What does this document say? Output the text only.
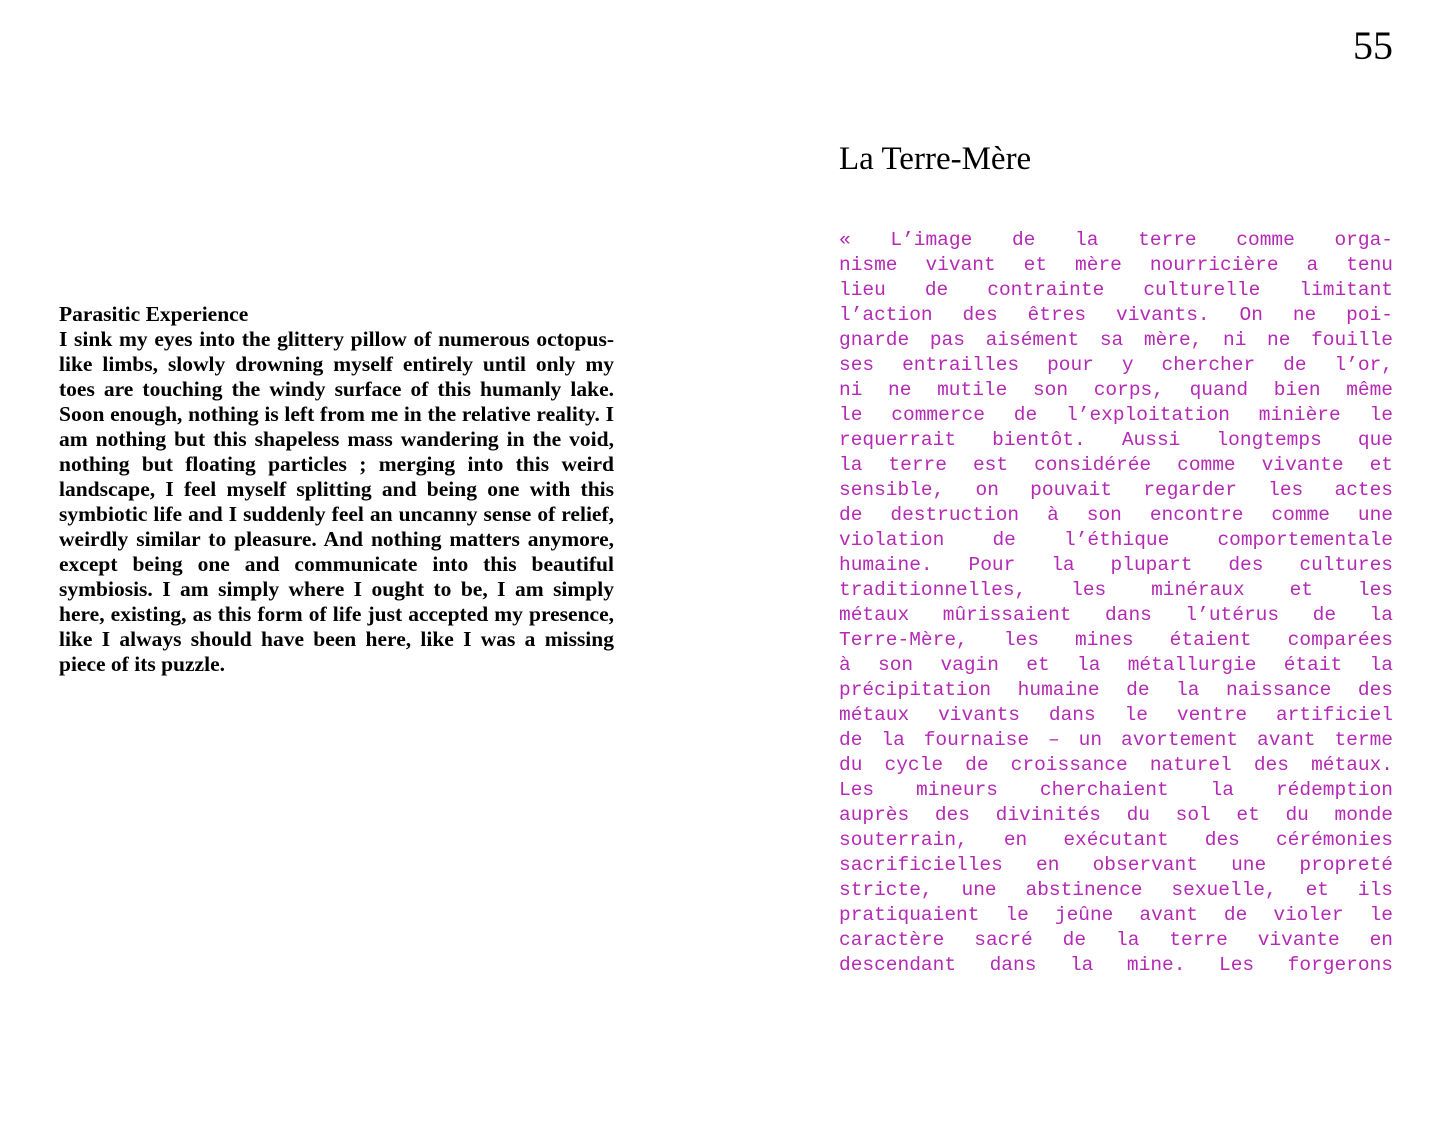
55
Parasitic Experience
I sink my eyes into the glittery pillow of numerous octopus-like limbs, slowly drowning myself entirely until only my toes are touching the windy surface of this humanly lake. Soon enough, nothing is left from me in the relative reality. I am nothing but this shapeless mass wandering in the void, nothing but floating particles ; merging into this weird landscape, I feel myself splitting and being one with this symbiotic life and I suddenly feel an uncanny sense of relief, weirdly similar to pleasure. And nothing matters anymore, except being one and communicate into this beautiful symbiosis. I am simply where I ought to be, I am simply here, existing, as this form of life just accepted my presence, like I always should have been here, like I was a missing piece of its puzzle.
La Terre-Mère
« L’image de la terre comme orga-
nisme vivant et mère nourricière a tenu
lieu de contrainte culturelle limitant
l’action des êtres vivants. On ne poi-
gnarde pas aisément sa mère, ni ne fouille
ses entrailles pour y chercher de l’or,
ni ne mutile son corps, quand bien même
le commerce de l’exploitation minière le
requerrait bientôt. Aussi longtemps que
la terre est considérée comme vivante et
sensible, on pouvait regarder les actes
de destruction à son encontre comme une
violation de l’éthique comportementale
humaine. Pour la plupart des cultures
traditionnelles, les minéraux et les
métaux mûrissaient dans l’utérus de la
Terre-Mère, les mines étaient comparées
à son vagin et la métallurgie était la
précipitation humaine de la naissance des
métaux vivants dans le ventre artificiel
de la fournaise – un avortement avant terme
du cycle de croissance naturel des métaux.
Les mineurs cherchaient la rédemption
auprès des divinités du sol et du monde
souterrain, en exécutant des cérémonies
sacrificielles en observant une propreté
stricte, une abstinence sexuelle, et ils
pratiquaient le jeûne avant de violer le
caractère sacré de la terre vivante en
descendant dans la mine. Les forgerons
